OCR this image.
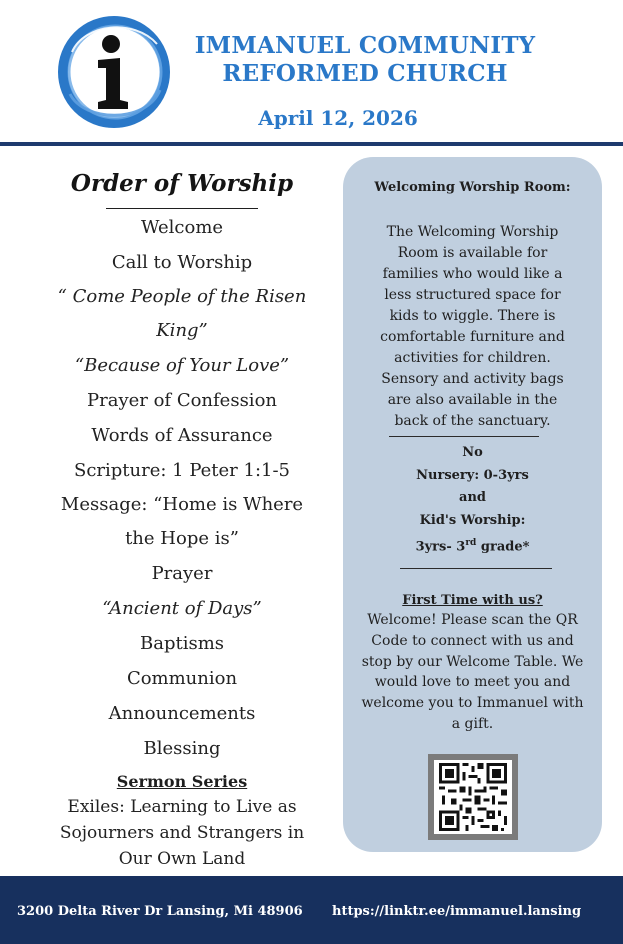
IMMANUEL COMMUNITY
REFORMED CHURCH
April 12, 2026
Order of Worship
Welcome
Call to Worship
“ Come People of the Risen King”
“Because of Your Love”
Prayer of Confession
Words of Assurance
Scripture: 1 Peter 1:1-5
Message: “Home is Where the Hope is”
Prayer
“Ancient of Days”
Baptisms
Communion
Announcements
Blessing
Sermon Series
Exiles: Learning to Live as Sojourners and Strangers in Our Own Land
Welcoming Worship Room:
The Welcoming Worship Room is available for families who would like a less structured space for kids to wiggle. There is comfortable furniture and activities for children. Sensory and activity bags are also available in the back of the sanctuary.
No
Nursery: 0-3yrs
and
Kid's Worship:
3yrs- 3rd grade*
First Time with us?
Welcome! Please scan the QR Code to connect with us and stop by our Welcome Table. We would love to meet you and welcome you to Immanuel with a gift.
3200 Delta River Dr Lansing, Mi 48906 https://linktr.ee/immanuel.lansing
